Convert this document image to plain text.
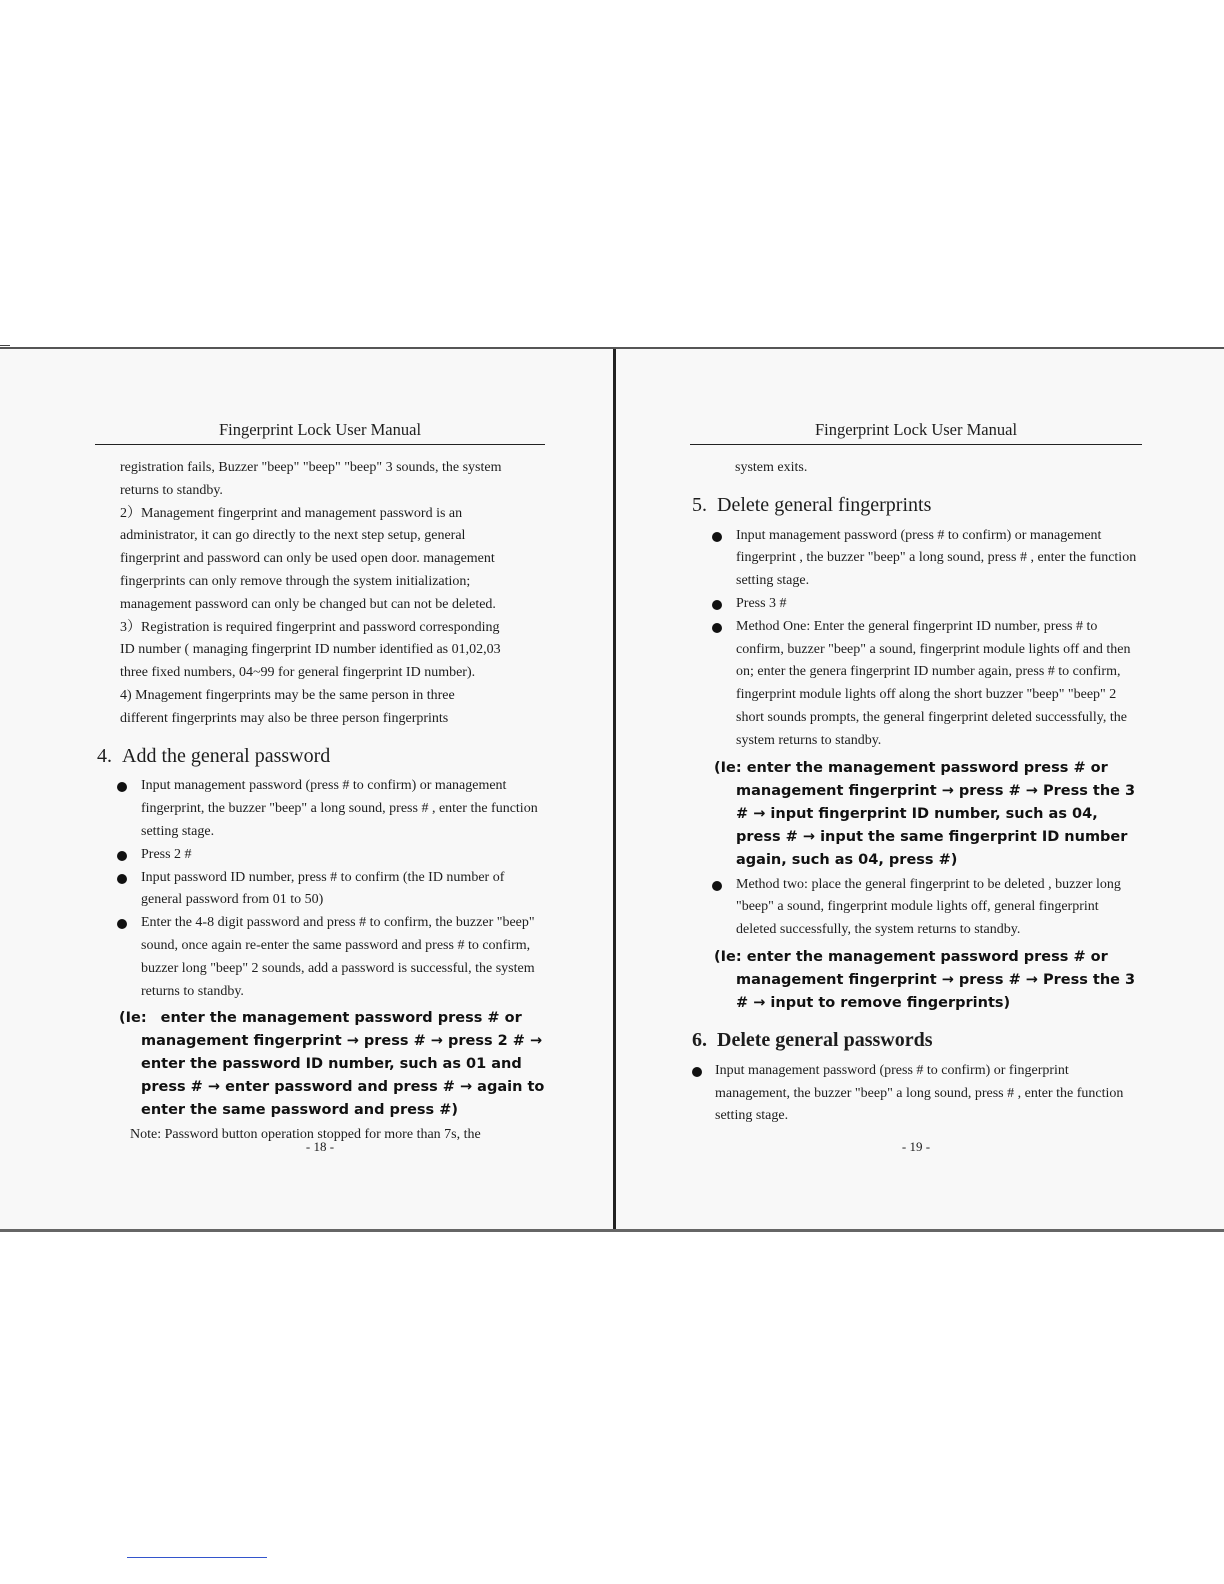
Fingerprint Lock User Manual

registration fails, Buzzer "beep" "beep" "beep" 3 sounds, the system

returns to standby.

2）Management fingerprint and management password is an

administrator, it can go directly to the next step setup, general

fingerprint and password can only be used open door. management

fingerprints can only remove through the system initialization;

management password can only be changed but can not be deleted.

3）Registration is required fingerprint and password corresponding

ID number ( managing fingerprint ID number identified as 01,02,03

three fixed numbers, 04~99 for general fingerprint ID number).

4) Mnagement fingerprints may be the same person in three

different fingerprints may also be three person fingerprints

4. Add the general password

Input management password (press # to confirm) or management fingerprint, the buzzer "beep" a long sound, press # , enter the function setting stage.

Press 2 #

Input password ID number, press # to confirm (the ID number of general password from 01 to 50)

Enter the 4-8 digit password and press # to confirm, the buzzer "beep" sound, once again re-enter the same password and press # to confirm, buzzer long "beep" 2 sounds, add a password is successful, the system returns to standby.

(Ie: enter the management password press # or management fingerprint → press # → press 2 # → enter the password ID number, such as 01 and press # → enter password and press # → again to enter the same password and press #)

Note: Password button operation stopped for more than 7s, the

- 18 -
Fingerprint Lock User Manual

system exits.

5. Delete general fingerprints

Input management password (press # to confirm) or management fingerprint , the buzzer "beep" a long sound, press # , enter the function setting stage.

Press 3 #

Method One: Enter the general fingerprint ID number, press # to confirm, buzzer "beep" a sound, fingerprint module lights off and then on; enter the genera fingerprint ID number again, press # to confirm, fingerprint module lights off along the short buzzer "beep" "beep" 2 short sounds prompts, the general fingerprint deleted successfully, the system returns to standby.

(Ie: enter the management password press # or management fingerprint → press # → Press the 3 # → input fingerprint ID number, such as 04, press # → input the same fingerprint ID number again, such as 04, press #)

Method two: place the general fingerprint to be deleted , buzzer long "beep" a sound, fingerprint module lights off, general fingerprint deleted successfully, the system returns to standby.

(Ie: enter the management password press # or management fingerprint → press # → Press the 3 # → input to remove fingerprints)

6. Delete general passwords

Input management password (press # to confirm) or fingerprint management, the buzzer "beep" a long sound, press # , enter the function setting stage.

- 19 -
